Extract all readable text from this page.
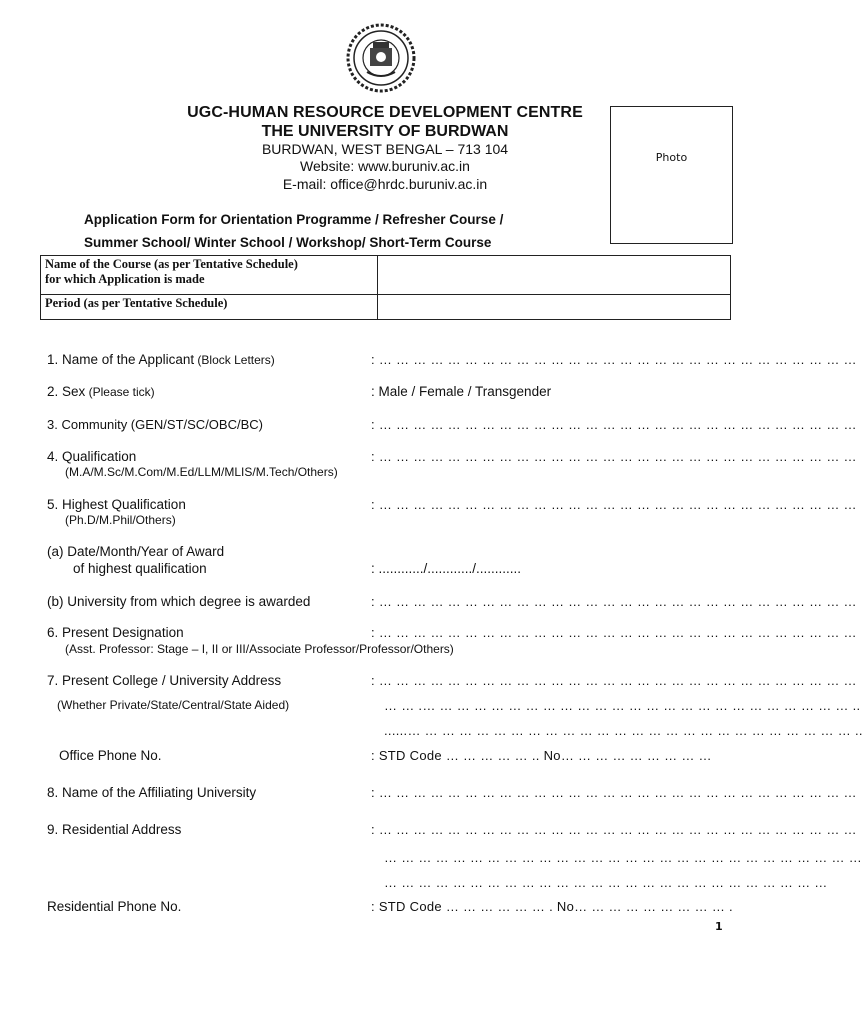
UGC-HUMAN RESOURCE DEVELOPMENT CENTRE
THE UNIVERSITY OF BURDWAN
BURDWAN, WEST BENGAL – 713 104
Website: www.buruniv.ac.in
E-mail: office@hrdc.buruniv.ac.in
Photo
Application Form for Orientation Programme / Refresher Course /
Summer School/ Winter School / Workshop/ Short-Term Course
Name of the Course (as per Tentative Schedule)
for which Application is made	

Period (as per Tentative Schedule)	
1. Name of the Applicant (Block Letters)	: … … … … … … … … … … … … … … … … … … … … … … … … … … … …
2. Sex (Please tick)	: Male / Female / Transgender
3. Community (GEN/ST/SC/OBC/BC)	: … … … … … … … … … … … … … … … … … … … … … … … … … … … …
4. Qualification
(M.A/M.Sc/M.Com/M.Ed/LLM/MLIS/M.Tech/Others)
: … … … … … … … … … … … … … … … … … … … … … … … … … … … …
5. Highest Qualification
(Ph.D/M.Phil/Others)
: … … … … … … … … … … … … … … … … … … … … … … … … … … … …
(a) Date/Month/Year of Award
of highest qualification	: ............/............/............
(b) University from which degree is awarded	: … … … … … … … … … … … … … … … … … … … … … … … … … … … …
6. Present Designation
(Asst. Professor: Stage – I, II or III/Associate Professor/Professor/Others)
: … … … … … … … … … … … … … … … … … … … … … … … … … … … …
7. Present College / University Address
(Whether Private/State/Central/State Aided)
: … … … … … … … … … … … … … … … … … … … … … … … … … … … …
… … .… … … … … … … … … … … … … … … … … … … … … … … … … ..
......… … … … … … … … … … … … … … … … … … … … … … … … … … ..
Office Phone No.	: STD Code … … … … … .. No… … … … … … … … …
8. Name of the Affiliating University	: … … … … … … … … … … … … … … … … … … … … … … … … … … … …
9. Residential Address	: … … … … … … … … … … … … … … … … … … … … … … … … … … … …
… … … … … … … … … … … … … … … … … … … … … … … … … … … …
… … … … … … … … … … … … … … … … … … … … … … … … … …
Residential Phone No.	: STD Code … … … … … … . No… … … … … … … … … .
1
